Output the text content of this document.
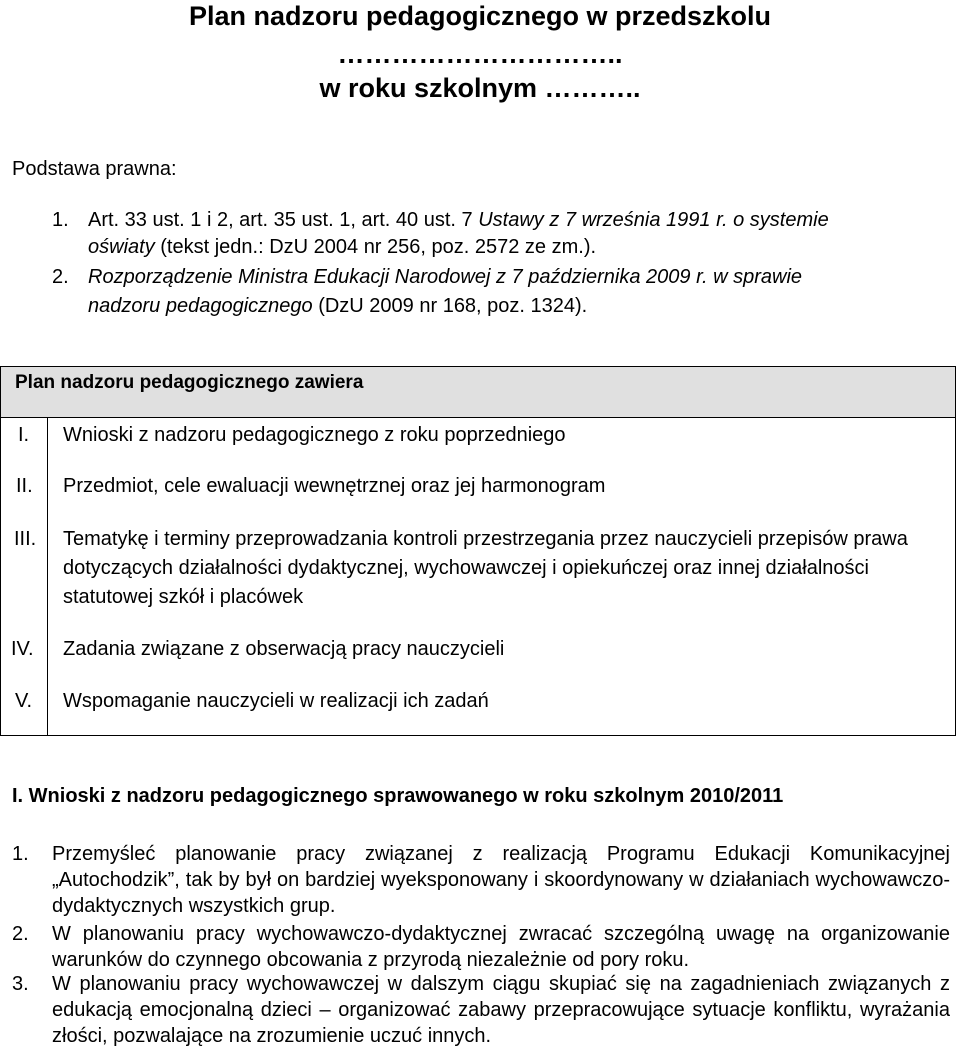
Plan nadzoru pedagogicznego w przedszkolu
…………………………..
w roku szkolnym ………..
Podstawa prawna:
1. Art. 33 ust. 1 i 2, art. 35 ust. 1, art. 40 ust. 7 Ustawy z 7 września 1991 r. o systemie
oświaty (tekst jedn.: DzU 2004 nr 256, poz. 2572 ze zm.).
2. Rozporządzenie Ministra Edukacji Narodowej z 7 października 2009 r. w sprawie
nadzoru pedagogicznego (DzU 2009 nr 168, poz. 1324).
Plan nadzoru pedagogicznego zawiera
I. Wnioski z nadzoru pedagogicznego z roku poprzedniego
II. Przedmiot, cele ewaluacji wewnętrznej oraz jej harmonogram
III. Tematykę i terminy przeprowadzania kontroli przestrzegania przez nauczycieli przepisów prawa dotyczących działalności dydaktycznej, wychowawczej i opiekuńczej oraz innej działalności statutowej szkół i placówek
IV. Zadania związane z obserwacją pracy nauczycieli
V. Wspomaganie nauczycieli w realizacji ich zadań
I. Wnioski z nadzoru pedagogicznego sprawowanego w roku szkolnym 2010/2011
1. Przemyśleć planowanie pracy związanej z realizacją Programu Edukacji Komunikacyjnej „Autochodzik”, tak by był on bardziej wyeksponowany i skoordynowany w działaniach wychowawczo-dydaktycznych wszystkich grup.
2. W planowaniu pracy wychowawczo-dydaktycznej zwracać szczególną uwagę na organizowanie warunków do czynnego obcowania z przyrodą niezależnie od pory roku.
3. W planowaniu pracy wychowawczej w dalszym ciągu skupiać się na zagadnieniach związanych z edukacją emocjonalną dzieci – organizować zabawy przepracowujące sytuacje konfliktu, wyrażania złości, pozwalające na zrozumienie uczuć innych.
